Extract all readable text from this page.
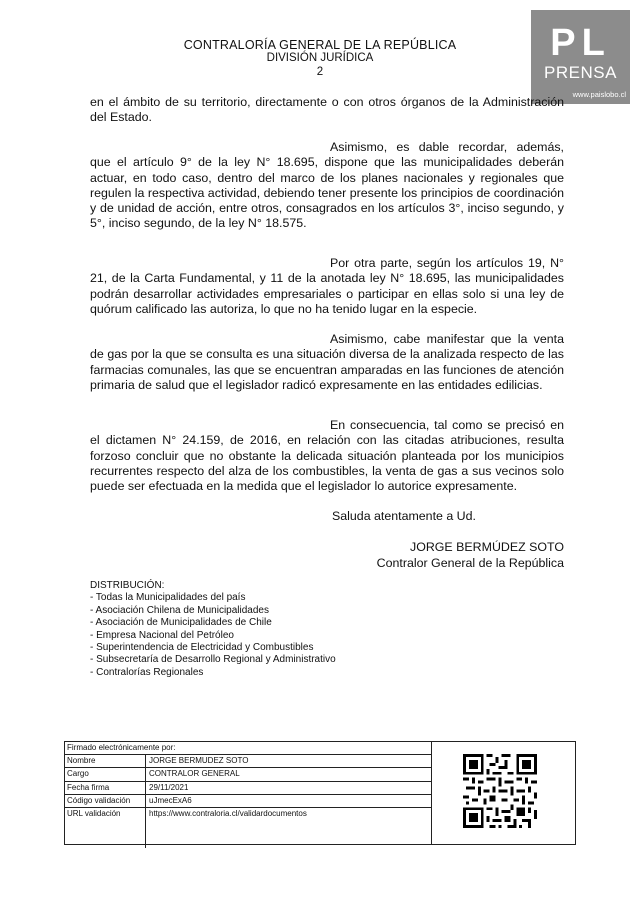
PL
PRENSA
www.paislobo.cl
CONTRALORÍA GENERAL DE LA REPÚBLICA
DIVISIÓN JURÍDICA
2
en el ámbito de su territorio, directamente o con otros órganos de la Administración del Estado.
Asimismo, es dable recordar, además, que el artículo 9° de la ley N° 18.695, dispone que las municipalidades deberán actuar, en todo caso, dentro del marco de los planes nacionales y regionales que regulen la respectiva actividad, debiendo tener presente los principios de coordinación y de unidad de acción, entre otros, consagrados en los artículos 3°, inciso segundo, y 5°, inciso segundo, de la ley N° 18.575.
Por otra parte, según los artículos 19, N° 21, de la Carta Fundamental, y 11 de la anotada ley N° 18.695, las municipalidades podrán desarrollar actividades empresariales o participar en ellas solo si una ley de quórum calificado las autoriza, lo que no ha tenido lugar en la especie.
Asimismo, cabe manifestar que la venta de gas por la que se consulta es una situación diversa de la analizada respecto de las farmacias comunales, las que se encuentran amparadas en las funciones de atención primaria de salud que el legislador radicó expresamente en las entidades edilicias.
En consecuencia, tal como se precisó en el dictamen N° 24.159, de 2016, en relación con las citadas atribuciones, resulta forzoso concluir que no obstante la delicada situación planteada por los municipios recurrentes respecto del alza de los combustibles, la venta de gas a sus vecinos solo puede ser efectuada en la medida que el legislador lo autorice expresamente.
Saluda atentamente a Ud.
JORGE BERMÚDEZ SOTO
Contralor General de la República
DISTRIBUCIÓN:
- Todas la Municipalidades del país
- Asociación Chilena de Municipalidades
- Asociación de Municipalidades de Chile
- Empresa Nacional del Petróleo
- Superintendencia de Electricidad y Combustibles
- Subsecretaría de Desarrollo Regional y Administrativo
- Contralorías Regionales
Firmado electrónicamente por:
Nombre	JORGE BERMUDEZ SOTO
Cargo	CONTRALOR GENERAL
Fecha firma	29/11/2021
Código validación	uJmecExA6
URL validación	https://www.contraloria.cl/validardocumentos
